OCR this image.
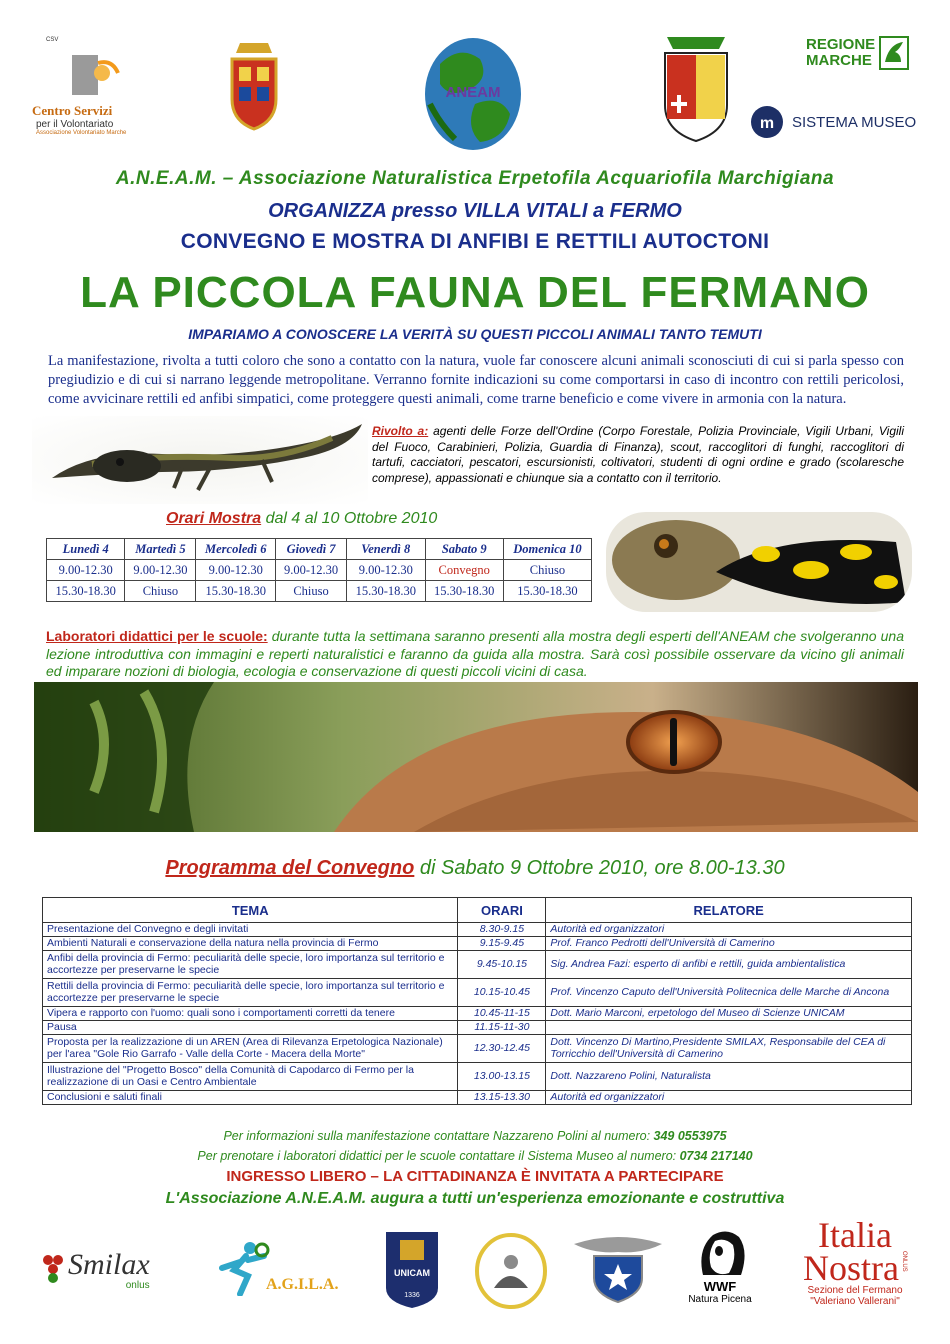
CSV
Centro Servizi
per il Volontariato
Associazione Volontariato Marche
ANEAM
REGIONE
MARCHE
m SISTEMA MUSEO
A.N.E.A.M. – Associazione Naturalistica Erpetofila Acquariofila Marchigiana
ORGANIZZA presso VILLA VITALI a FERMO
CONVEGNO E MOSTRA DI ANFIBI E RETTILI AUTOCTONI
LA PICCOLA FAUNA DEL FERMANO
IMPARIAMO A CONOSCERE LA VERITÀ SU QUESTI PICCOLI ANIMALI TANTO TEMUTI
La manifestazione, rivolta a tutti coloro che sono a contatto con la natura, vuole far conoscere alcuni animali sconosciuti di cui si parla spesso con pregiudizio e di cui si narrano leggende metropolitane. Verranno fornite indicazioni su come comportarsi in caso di incontro con rettili pericolosi, come avvicinare rettili ed anfibi simpatici, come proteggere questi animali, come trarne beneficio e come vivere in armonia con la natura.
Rivolto a: agenti delle Forze dell'Ordine (Corpo Forestale, Polizia Provinciale, Vigili Urbani, Vigili del Fuoco, Carabinieri, Polizia, Guardia di Finanza), scout, raccoglitori di funghi, raccoglitori di tartufi, cacciatori, pescatori, escursionisti, coltivatori, studenti di ogni ordine e grado (scolaresche comprese), appassionati e chiunque sia a contatto con il territorio.
Orari Mostra dal 4 al 10 Ottobre 2010
Lunedì 4	Martedì 5	Mercoledì 6	Giovedì 7	Venerdì 8	Sabato 9	Domenica 10
9.00-12.30	9.00-12.30	9.00-12.30	9.00-12.30	9.00-12.30	Convegno	Chiuso
15.30-18.30	Chiuso	15.30-18.30	Chiuso	15.30-18.30	15.30-18.30	15.30-18.30
Laboratori didattici per le scuole: durante tutta la settimana saranno presenti alla mostra degli esperti dell'ANEAM che svolgeranno una lezione introduttiva con immagini e reperti naturalistici e faranno da guida alla mostra. Sarà così possibile osservare da vicino gli animali ed imparare nozioni di biologia, ecologia e conservazione di questi piccoli vicini di casa.
Programma del Convegno di Sabato 9 Ottobre 2010, ore 8.00-13.30
TEMA	ORARI	RELATORE
Presentazione del Convegno e degli invitati	8.30-9.15	Autorità ed organizzatori
Ambienti Naturali e conservazione della natura nella provincia di Fermo	9.15-9.45	Prof. Franco Pedrotti dell'Università di Camerino
Anfibi della provincia di Fermo: peculiarità delle specie, loro importanza sul territorio e accortezze per preservarne le specie	9.45-10.15	Sig. Andrea Fazi: esperto di anfibi e rettili, guida ambientalistica
Rettili della provincia di Fermo: peculiarità delle specie, loro importanza sul territorio e accortezze per preservarne le specie	10.15-10.45	Prof. Vincenzo Caputo dell'Università Politecnica delle Marche di Ancona
Vipera e rapporto con l'uomo: quali sono i comportamenti corretti da tenere	10.45-11-15	Dott. Mario Marconi, erpetologo del Museo di Scienze UNICAM
Pausa	11.15-11-30	
Proposta per la realizzazione di un AREN (Area di Rilevanza Erpetologica Nazionale) per l'area "Gole Rio Garrafo - Valle della Corte - Macera della Morte"	12.30-12.45	Dott. Vincenzo Di Martino,Presidente SMILAX, Responsabile del CEA di Torricchio dell'Università di Camerino
Illustrazione del "Progetto Bosco" della Comunità di Capodarco di Fermo per la realizzazione di un Oasi e Centro Ambientale	13.00-13.15	Dott. Nazzareno Polini, Naturalista
Conclusioni e saluti finali	13.15-13.30	Autorità ed organizzatori
Per informazioni sulla manifestazione contattare Nazzareno Polini al numero: 349 0553975
Per prenotare i laboratori didattici per le scuole contattare il Sistema Museo al numero: 0734 217140
INGRESSO LIBERO – LA CITTADINANZA È INVITATA A PARTECIPARE
L'Associazione A.N.E.A.M. augura a tutti un'esperienza emozionante e costruttiva
Smilax
onlus	A.G.I.L.A.
UNICAM
1336
WWF
Natura Picena
Italia
Nostra ONLUS
Sezione del Fermano
"Valeriano Vallerani"
